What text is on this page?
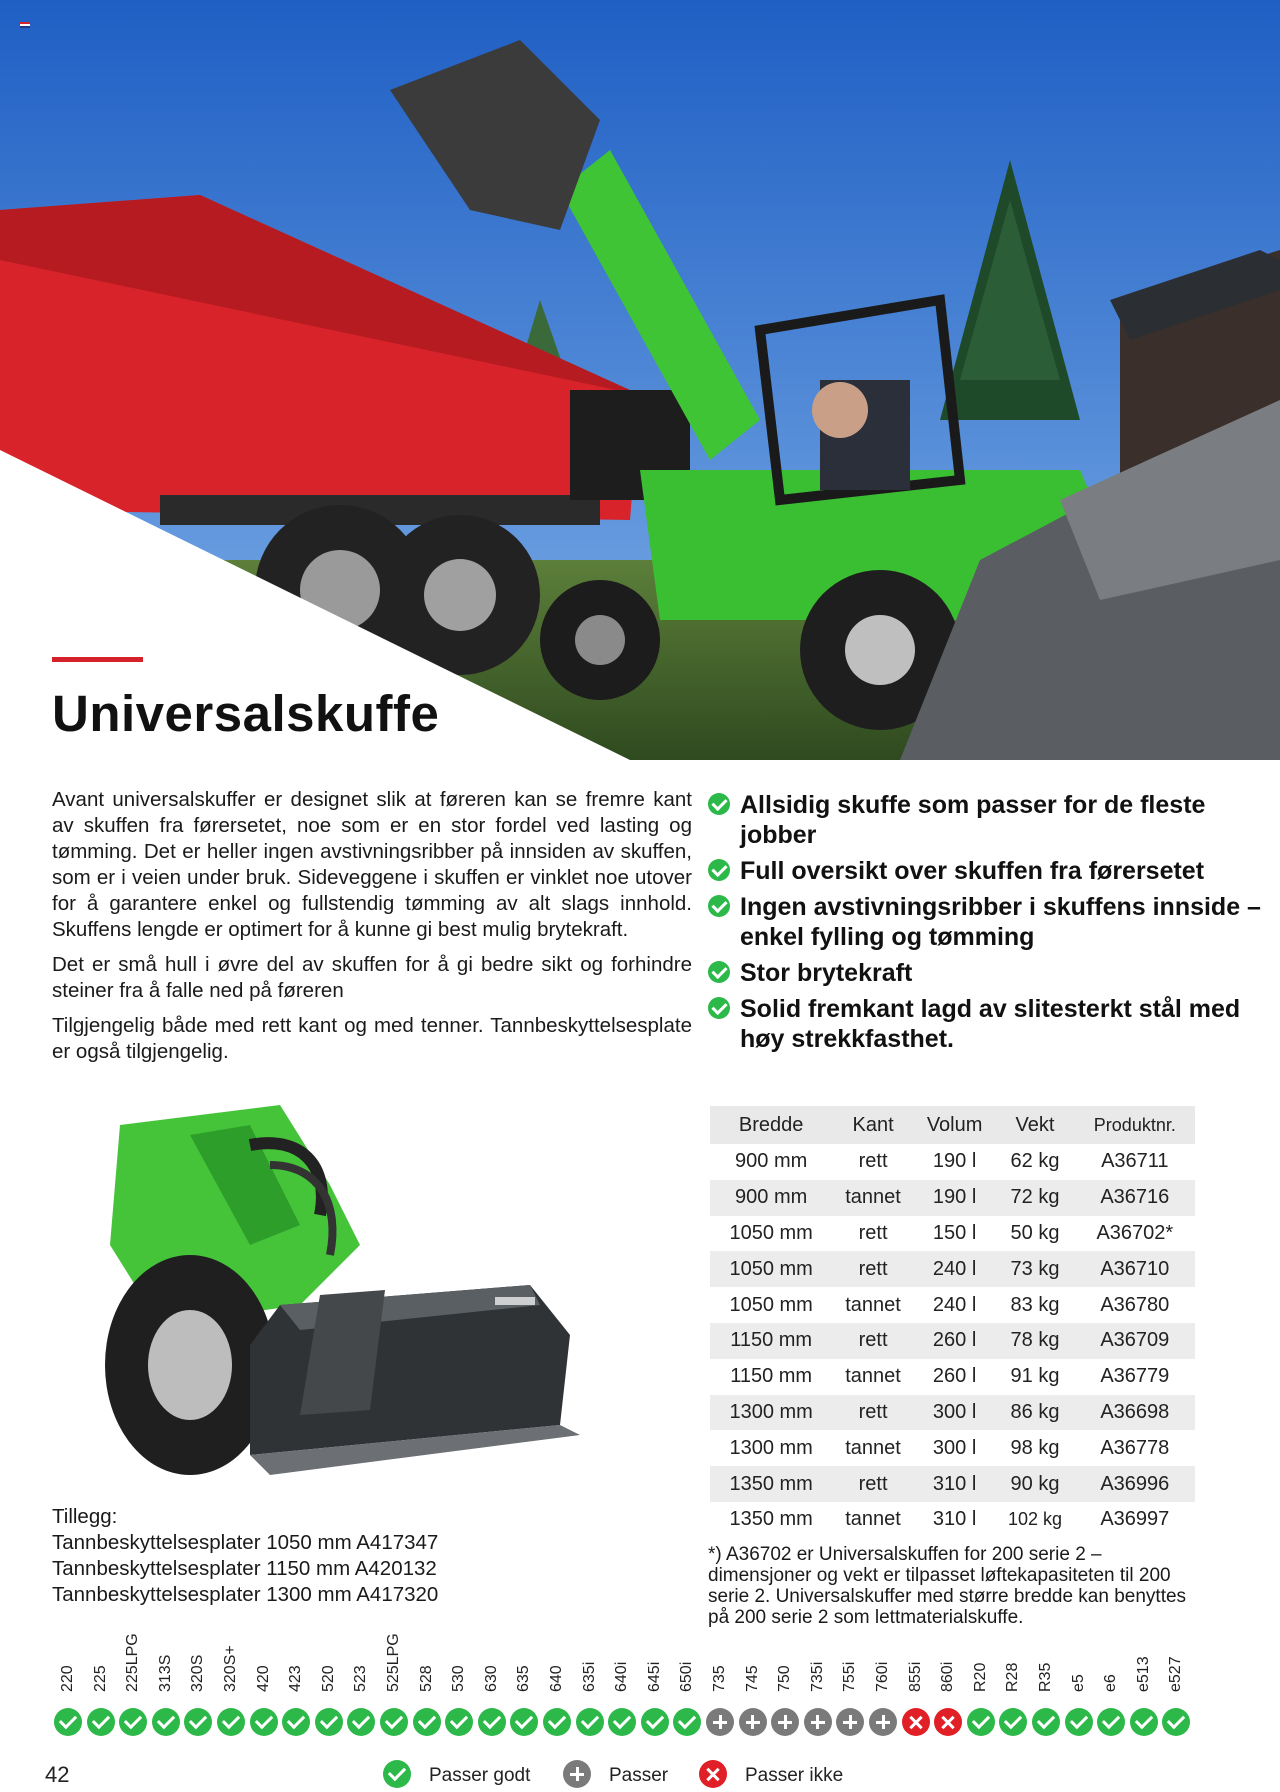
Universalskuffe

Avant universalskuffer er designet slik at føreren kan se fremre kant av skuffen fra førersetet, noe som er en stor fordel ved lasting og tømming. Det er heller ingen avstivningsribber på innsiden av skuffen, som er i veien under bruk. Sideveggene i skuffen er vinklet noe utover for å garantere enkel og fullstendig tømming av alt slags innhold. Skuffens lengde er optimert for å kunne gi best mulig brytekraft.

Det er små hull i øvre del av skuffen for å gi bedre sikt og forhindre steiner fra å falle ned på føreren

Tilgjengelig både med rett kant og med tenner. Tannbeskyttelsesplate er også tilgjengelig.

Allsidig skuffe som passer for de fleste jobber
Full oversikt over skuffen fra førersetet
Ingen avstivningsribber i skuffens innside – enkel fylling og tømming
Stor brytekraft
Solid fremkant lagd av slitesterkt stål med høy strekkfasthet.
Bredde	Kant	Volum	Vekt	Produktnr.
900 mm	rett	190 l	62 kg	A36711
900 mm	tannet	190 l	72 kg	A36716
1050 mm	rett	150 l	50 kg	A36702*
1050 mm	rett	240 l	73 kg	A36710
1050 mm	tannet	240 l	83 kg	A36780
1150 mm	rett	260 l	78 kg	A36709
1150 mm	tannet	260 l	91 kg	A36779
1300 mm	rett	300 l	86 kg	A36698
1300 mm	tannet	300 l	98 kg	A36778
1350 mm	rett	310 l	90 kg	A36996
1350 mm	tannet	310 l	102 kg	A36997
*) A36702 er Universalskuffen for 200 serie 2 – dimensjoner og vekt er tilpasset løftekapasiteten til 200 serie 2. Universalskuffer med større bredde kan benyttes på 200 serie 2 som lettmaterialskuffe.
Tillegg:
Tannbeskyttelsesplater 1050 mm A417347
Tannbeskyttelsesplater 1150 mm A420132
Tannbeskyttelsesplater 1300 mm A417320
220 225 225LPG 313S 320S 320S+ 420 423 520 523 525LPG 528 530 630 635 640 635i 640i 645i 650i 735 745 750 735i 755i 760i 855i 860i R20 R28 R35 e5 e6 e513 e527
42	Passer godt	Passer	Passer ikke
